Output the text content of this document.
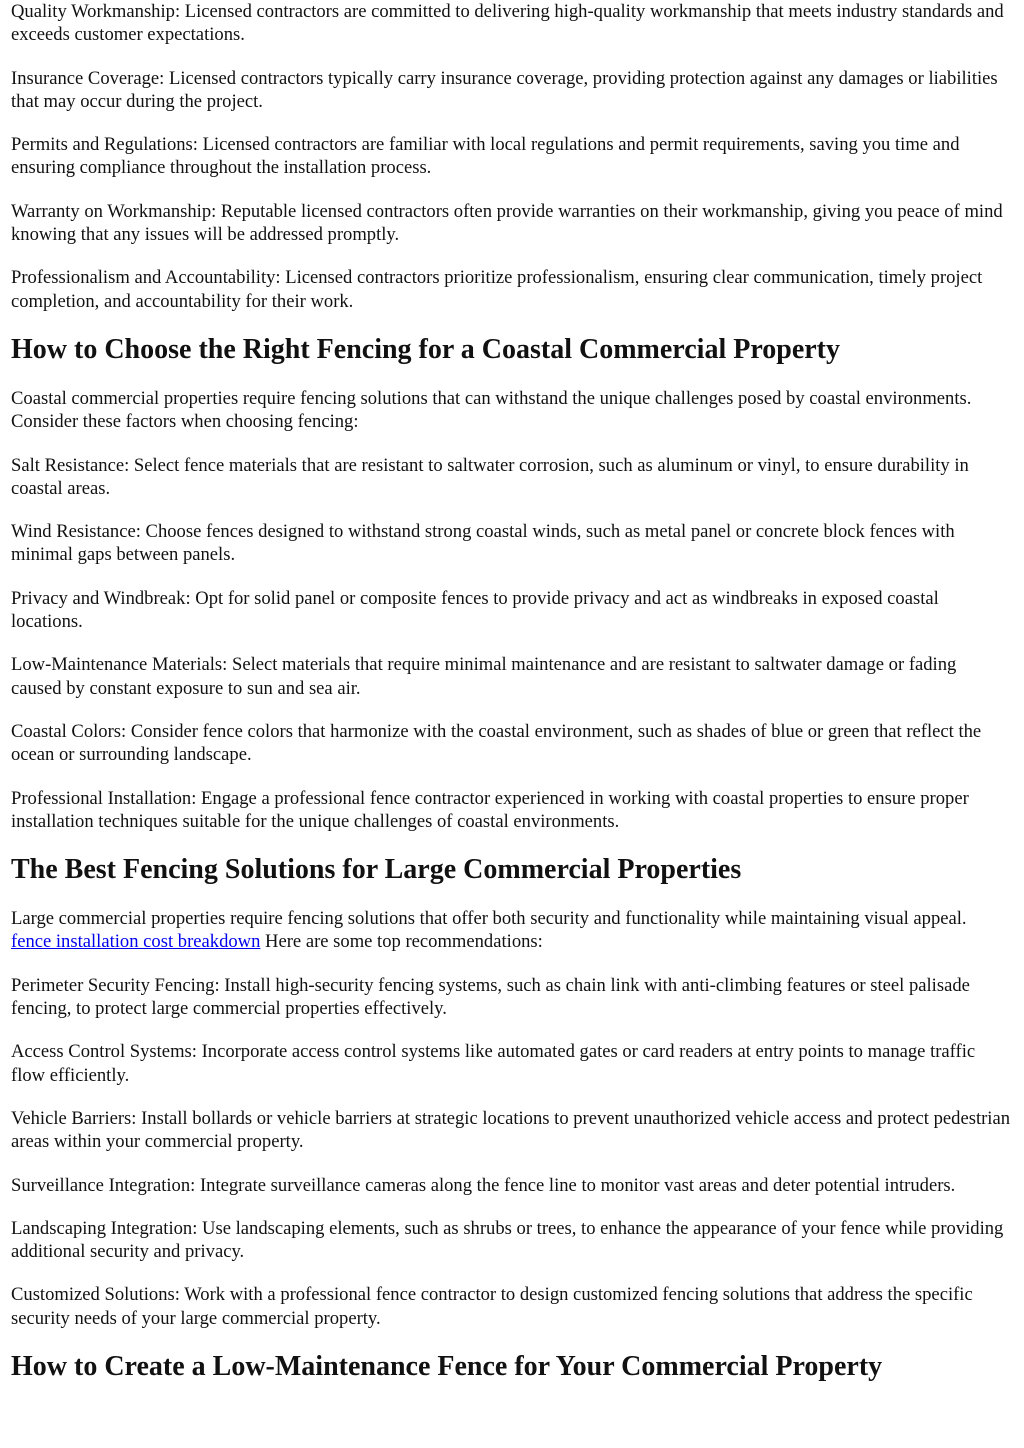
Quality Workmanship: Licensed contractors are committed to delivering high-quality workmanship that meets industry standards and exceeds customer expectations.

Insurance Coverage: Licensed contractors typically carry insurance coverage, providing protection against any damages or liabilities that may occur during the project.

Permits and Regulations: Licensed contractors are familiar with local regulations and permit requirements, saving you time and ensuring compliance throughout the installation process.

Warranty on Workmanship: Reputable licensed contractors often provide warranties on their workmanship, giving you peace of mind knowing that any issues will be addressed promptly.

Professionalism and Accountability: Licensed contractors prioritize professionalism, ensuring clear communication, timely project completion, and accountability for their work.

How to Choose the Right Fencing for a Coastal Commercial Property

Coastal commercial properties require fencing solutions that can withstand the unique challenges posed by coastal environments. Consider these factors when choosing fencing:

Salt Resistance: Select fence materials that are resistant to saltwater corrosion, such as aluminum or vinyl, to ensure durability in coastal areas.

Wind Resistance: Choose fences designed to withstand strong coastal winds, such as metal panel or concrete block fences with minimal gaps between panels.

Privacy and Windbreak: Opt for solid panel or composite fences to provide privacy and act as windbreaks in exposed coastal locations.

Low-Maintenance Materials: Select materials that require minimal maintenance and are resistant to saltwater damage or fading caused by constant exposure to sun and sea air.

Coastal Colors: Consider fence colors that harmonize with the coastal environment, such as shades of blue or green that reflect the ocean or surrounding landscape.

Professional Installation: Engage a professional fence contractor experienced in working with coastal properties to ensure proper installation techniques suitable for the unique challenges of coastal environments.

The Best Fencing Solutions for Large Commercial Properties

Large commercial properties require fencing solutions that offer both security and functionality while maintaining visual appeal. fence installation cost breakdown Here are some top recommendations:

Perimeter Security Fencing: Install high-security fencing systems, such as chain link with anti-climbing features or steel palisade fencing, to protect large commercial properties effectively.

Access Control Systems: Incorporate access control systems like automated gates or card readers at entry points to manage traffic flow efficiently.

Vehicle Barriers: Install bollards or vehicle barriers at strategic locations to prevent unauthorized vehicle access and protect pedestrian areas within your commercial property.

Surveillance Integration: Integrate surveillance cameras along the fence line to monitor vast areas and deter potential intruders.

Landscaping Integration: Use landscaping elements, such as shrubs or trees, to enhance the appearance of your fence while providing additional security and privacy.

Customized Solutions: Work with a professional fence contractor to design customized fencing solutions that address the specific security needs of your large commercial property.

How to Create a Low-Maintenance Fence for Your Commercial Property
